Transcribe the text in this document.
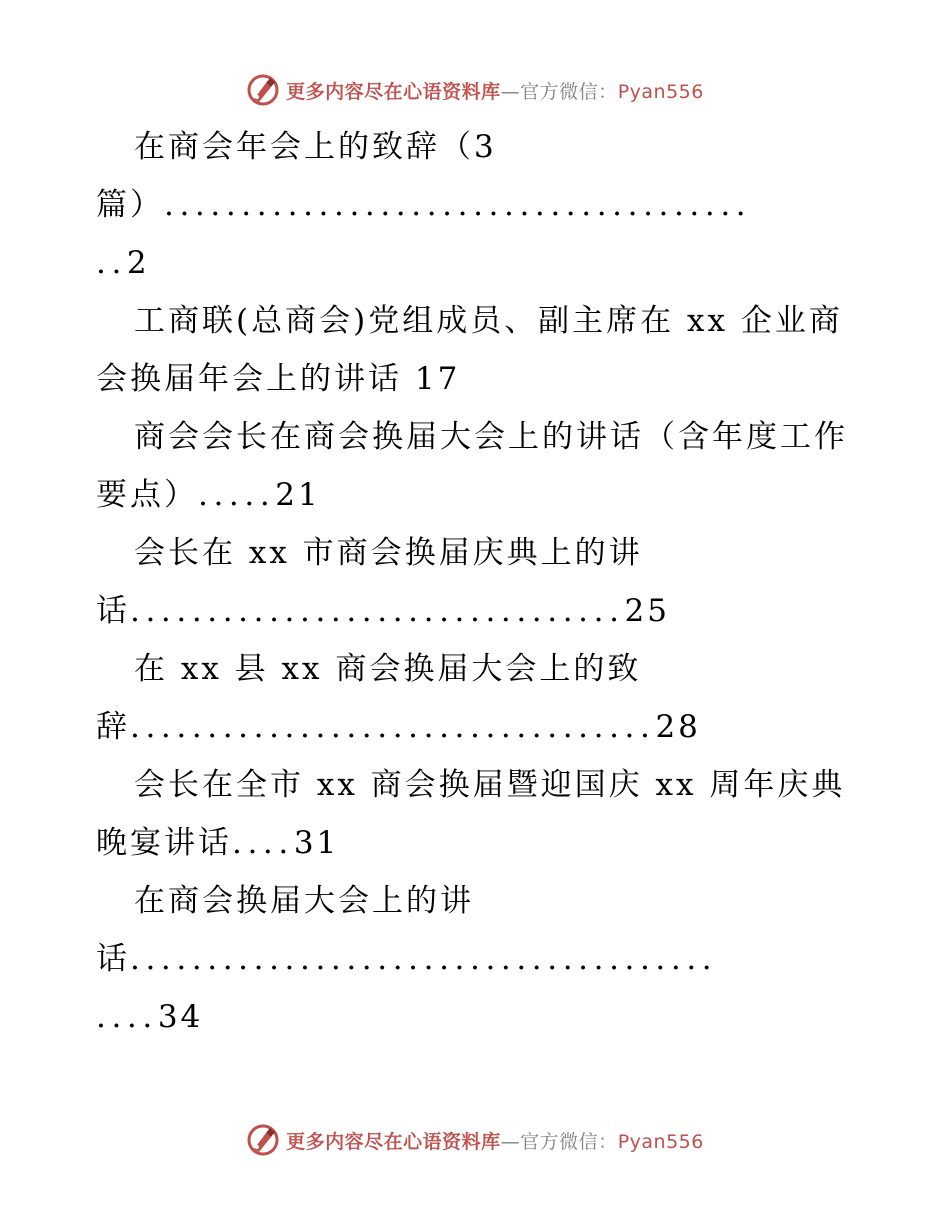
更多内容尽在心语资料库—官方微信：Pyan556
在商会年会上的致辞（3
篇）......................................
..2
工商联(总商会)党组成员、副主席在 xx 企业商
会换届年会上的讲话 17
商会会长在商会换届大会上的讲话（含年度工作
要点）.....21
会长在 xx 市商会换届庆典上的讲
话................................25
在 xx 县 xx 商会换届大会上的致
辞..................................28
会长在全市 xx 商会换届暨迎国庆 xx 周年庆典
晚宴讲话....31
在商会换届大会上的讲
话......................................
....34
更多内容尽在心语资料库—官方微信：Pyan556
